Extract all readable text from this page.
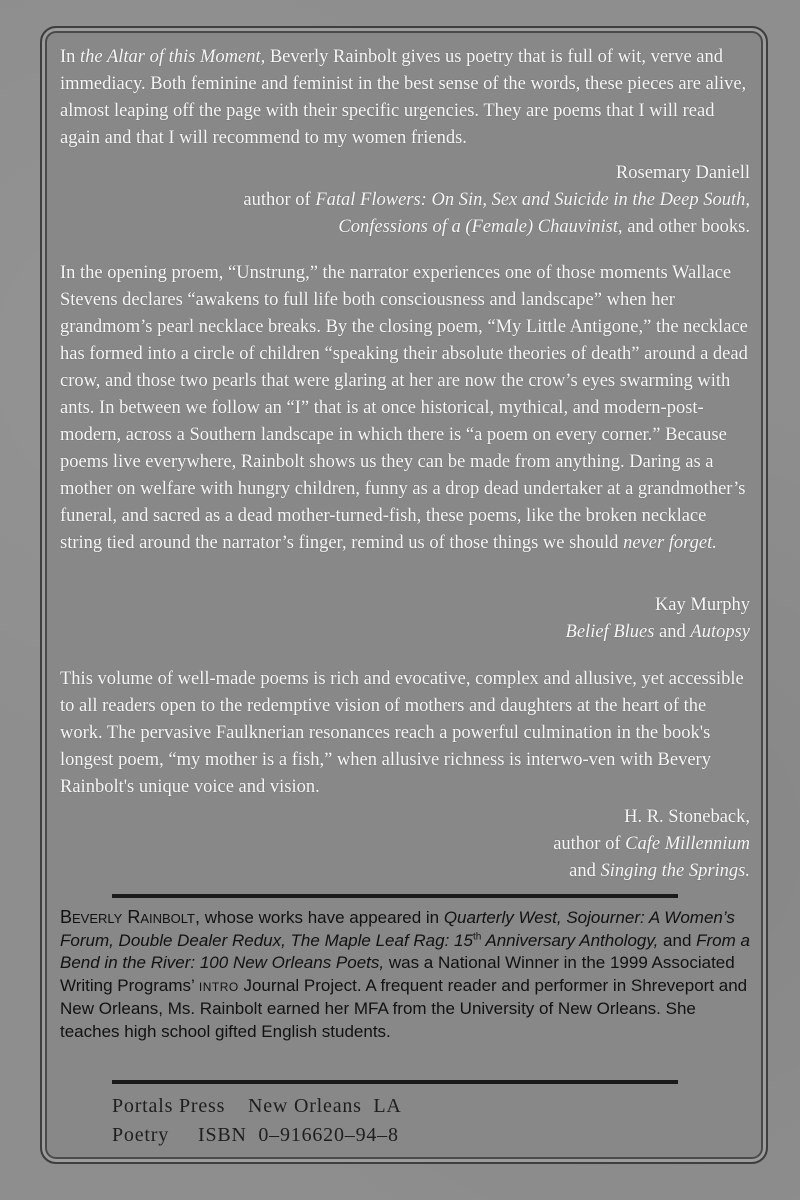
In the Altar of this Moment, Beverly Rainbolt gives us poetry that is full of wit, verve and immediacy. Both feminine and feminist in the best sense of the words, these pieces are alive, almost leaping off the page with their specific urgencies. They are poems that I will read again and that I will recommend to my women friends.
Rosemary Daniell
author of Fatal Flowers: On Sin, Sex and Suicide in the Deep South,
Confessions of a (Female) Chauvinist, and other books.
In the opening proem, “Unstrung,” the narrator experiences one of those moments Wallace Stevens declares “awakens to full life both consciousness and landscape” when her grandmom’s pearl necklace breaks. By the closing poem, “My Little Antigone,” the necklace has formed into a circle of children “speaking their absolute theories of death” around a dead crow, and those two pearls that were glaring at her are now the crow’s eyes swarming with ants. In between we follow an “I” that is at once historical, mythical, and modern-post-modern, across a Southern landscape in which there is “a poem on every corner.” Because poems live everywhere, Rainbolt shows us they can be made from anything. Daring as a mother on welfare with hungry children, funny as a drop dead undertaker at a grandmother’s funeral, and sacred as a dead mother-turned-fish, these poems, like the broken necklace string tied around the narrator’s finger, remind us of those things we should never forget.
Kay Murphy
Belief Blues and Autopsy
This volume of well-made poems is rich and evocative, complex and allusive, yet accessible to all readers open to the redemptive vision of mothers and daughters at the heart of the work. The pervasive Faulknerian resonances reach a powerful culmination in the book's longest poem, “my mother is a fish,” when allusive richness is interwo-ven with Bevery Rainbolt's unique voice and vision.
H. R. Stoneback,
author of Cafe Millennium
and Singing the Springs.
Beverly Rainbolt, whose works have appeared in Quarterly West, Sojourner: A Women’s Forum, Double Dealer Redux, The Maple Leaf Rag: 15th Anniversary Anthology, and From a Bend in the River: 100 New Orleans Poets, was a National Winner in the 1999 Associated Writing Programs’ INTRO Journal Project. A frequent reader and performer in Shreveport and New Orleans, Ms. Rainbolt earned her MFA from the University of New Orleans. She teaches high school gifted English students.
Portals Press New Orleans  LA
Poetry ISBN  0–916620–94–8
